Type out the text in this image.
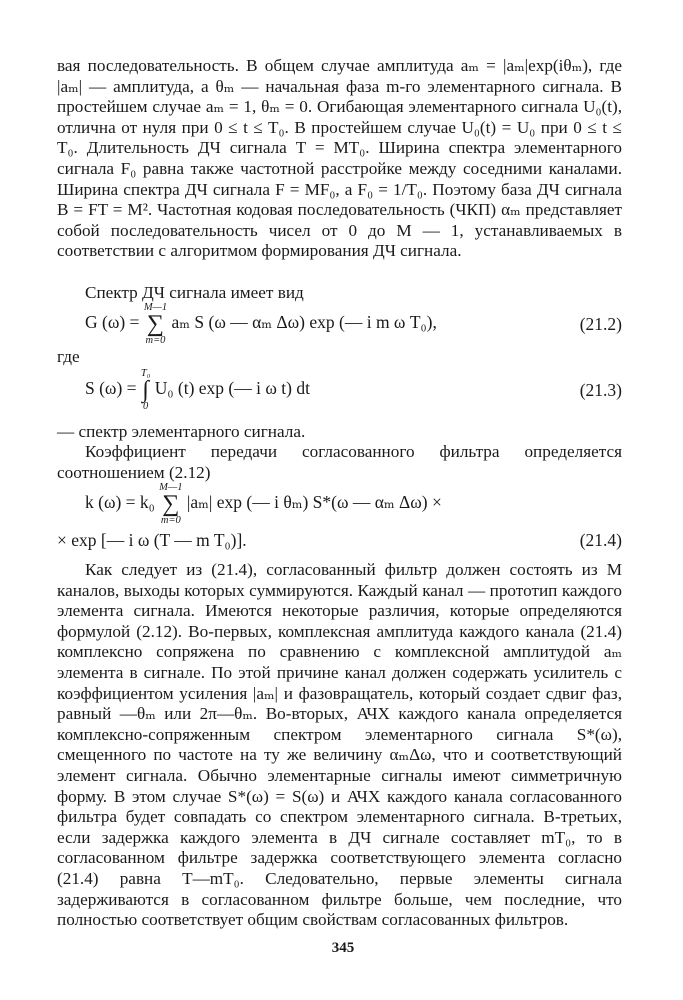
вая последовательность. В общем случае амплитуда aₘ = |aₘ|exp(iθₘ), где |aₘ| — амплитуда, а θₘ — начальная фаза m-го элементарного сигнала. В простейшем случае aₘ = 1, θₘ = 0. Огибающая элементарного сигнала U₀(t), отлична от нуля при 0 ≤ t ≤ T₀. В простейшем случае U₀(t) = U₀ при 0 ≤ t ≤ T₀. Длительность ДЧ сигнала T = MT₀. Ширина спектра элементарного сигнала F₀ равна также частотной расстройке между соседними каналами. Ширина спектра ДЧ сигнала F = MF₀, а F₀ = 1/T₀. Поэтому база ДЧ сигнала B = FT = M². Частотная кодовая последовательность (ЧКП) αₘ представляет собой последовательность чисел от 0 до M — 1, устанавливаемых в соответствии с алгоритмом формирования ДЧ сигнала.

Спектр ДЧ сигнала имеет вид

G (ω) =
M—1
∑
m=0
aₘ S (ω — αₘ Δω) exp (— i m ω T₀),	(21.2)

где

S (ω) =
T₀
∫
0
U₀ (t) exp (— i ω t) dt	(21.3)

— спектр элементарного сигнала.

Коэффициент передачи согласованного фильтра определяется соотношением (2.12)

k (ω) = k₀
M—1
∑
m=0
|aₘ| exp (— i θₘ) S*(ω — αₘ Δω) ×
× exp [— i ω (T — m T₀)].	(21.4)

Как следует из (21.4), согласованный фильтр должен состоять из M каналов, выходы которых суммируются. Каждый канал — прототип каждого элемента сигнала. Имеются некоторые различия, которые определяются формулой (2.12). Во-первых, комплексная амплитуда каждого канала (21.4) комплексно сопряжена по сравнению с комплексной амплитудой aₘ элемента в сигнале. По этой причине канал должен содержать усилитель с коэффициентом усиления |aₘ| и фазовращатель, который создает сдвиг фаз, равный —θₘ или 2π—θₘ. Во-вторых, АЧХ каждого канала определяется комплексно-сопряженным спектром элементарного сигнала S*(ω), смещенного по частоте на ту же величину αₘΔω, что и соответствующий элемент сигнала. Обычно элементарные сигналы имеют симметричную форму. В этом случае S*(ω) = S(ω) и АЧХ каждого канала согласованного фильтра будет совпадать со спектром элементарного сигнала. В-третьих, если задержка каждого элемента в ДЧ сигнале составляет mT₀, то в согласованном фильтре задержка соответствующего элемента согласно (21.4) равна T—mT₀. Следовательно, первые элементы сигнала задерживаются в согласованном фильтре больше, чем последние, что полностью соответствует общим свойствам согласованных фильтров.

345
